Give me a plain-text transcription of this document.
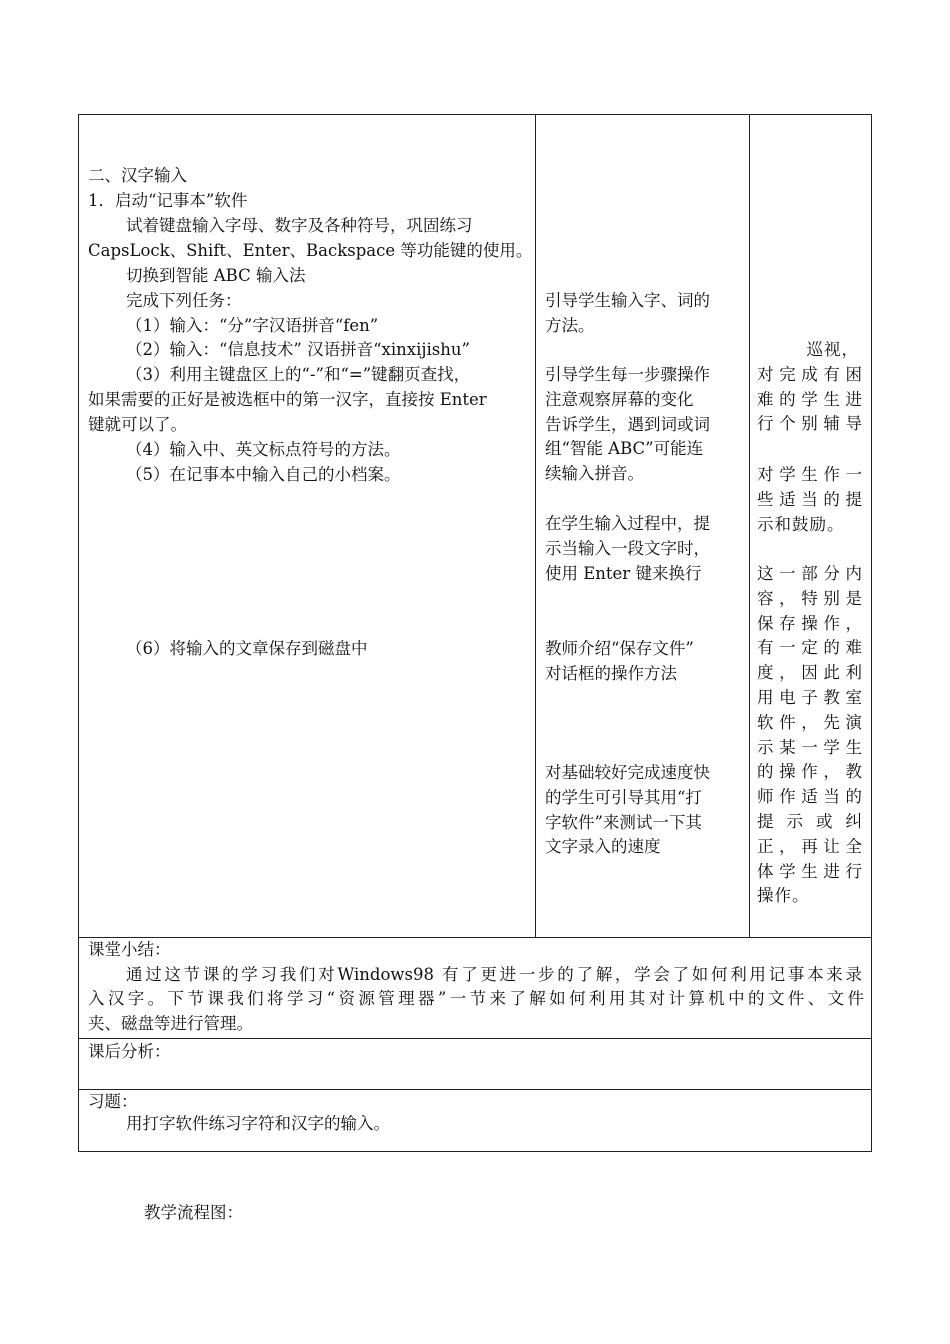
二、汉字输入
1．启动“记事本”软件
试着键盘输入字母、数字及各种符号，巩固练习
CapsLock、Shift、Enter、Backspace 等功能键的使用。
切换到智能 ABC 输入法
完成下列任务：
（1）输入：“分”字汉语拼音“fen”
（2）输入：“信息技术” 汉语拼音“xinxijishu”
（3）利用主键盘区上的“-”和“=”键翻页查找，
如果需要的正好是被选框中的第一汉字，直接按 Enter
键就可以了。
（4）输入中、英文标点符号的方法。
（5）在记事本中输入自己的小档案。
（6）将输入的文章保存到磁盘中
引导学生输入字、词的
方法。
引导学生每一步骤操作
注意观察屏幕的变化
告诉学生，遇到词或词
组“智能 ABC”可能连
续输入拼音。
在学生输入过程中，提
示当输入一段文字时，
使用 Enter 键来换行
教师介绍“保存文件”
对话框的操作方法
对基础较好完成速度快
的学生可引导其用“打
字软件”来测试一下其
文字录入的速度
巡视，
对完成有困
难的学生进
行个别辅导
对学生作一
些适当的提
示和鼓励。
这一部分内
容，特别是
保存操作，
有一定的难
度，因此利
用电子教室
软件，先演
示某一学生
的操作，教
师作适当的
提示或纠
正，再让全
体学生进行
操作。
课堂小结：
通过这节课的学习我们对Windows98 有了更进一步的了解，学会了如何利用记事本来录
入汉字。下节课我们将学习“资源管理器”一节来了解如何利用其对计算机中的文件、文件
夹、磁盘等进行管理。
课后分析：
习题：
用打字软件练习字符和汉字的输入。
教学流程图：
